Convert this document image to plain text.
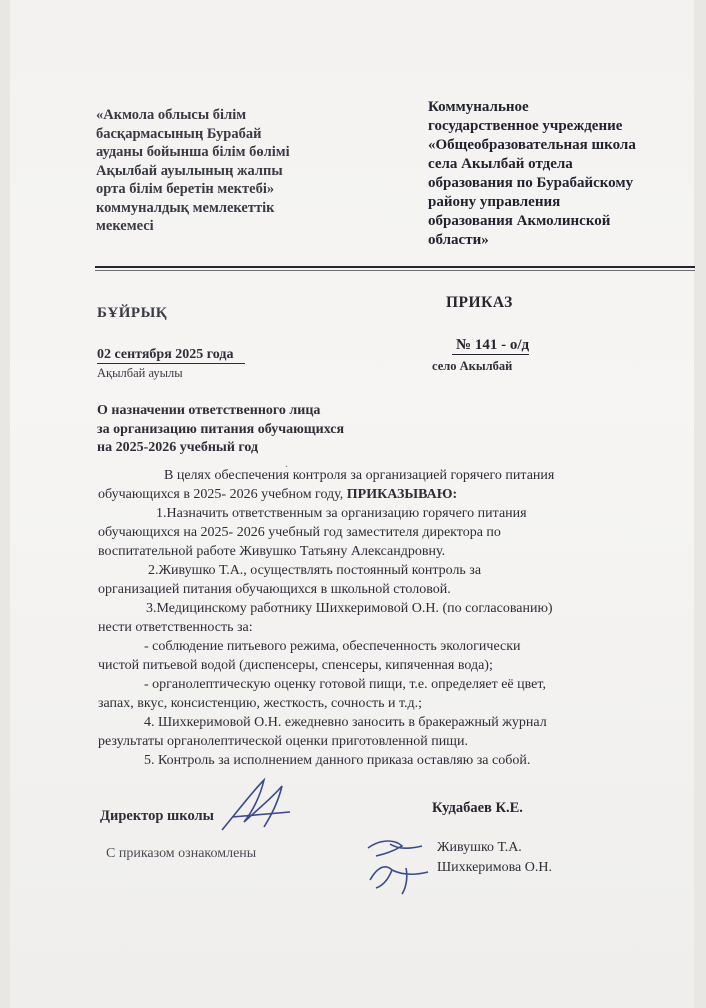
«Акмола облысы білім
басқармасының Бурабай
ауданы бойынша білім бөлімі
Ақылбай ауылының жалпы
орта білім беретін мектебі»
коммуналдық мемлекеттік
мекемесі
Коммунальное
государственное учреждение
«Общеобразовательная школа
села Акылбай отдела
образования по Бурабайскому
району управления
образования Акмолинской
области»
БҰЙРЫҚ
ПРИКАЗ
02 сентября 2025 года
Ақылбай ауылы
№ 141 - о/д
село Акылбай
О назначении ответственного лица
за организацию питания обучающихся
на 2025-2026 учебный год
.
В целях обеспечения контроля за организацией горячего питания
обучающихся в 2025- 2026 учебном году, ПРИКАЗЫВАЮ:
1.Назначить ответственным за организацию горячего питания
обучающихся на 2025- 2026 учебный год заместителя директора по
воспитательной работе Живушко Татьяну Александровну.
2.Живушко Т.А., осуществлять постоянный контроль за
организацией питания обучающихся в школьной столовой.
3.Медицинскому работнику Шихкеримовой О.Н. (по согласованию)
нести ответственность за:
- соблюдение питьевого режима, обеспеченность экологически
чистой питьевой водой (диспенсеры, спенсеры, кипяченная вода);
- органолептическую оценку готовой пищи, т.е. определяет её цвет,
запах, вкус, консистенцию, жесткость, сочность и т.д.;
4. Шихкеримовой О.Н. ежедневно заносить в бракеражный журнал
результаты органолептической оценки приготовленной пищи.
5. Контроль за исполнением данного приказа оставляю за собой.
Директор школы	Кудабаев К.Е.
С приказом ознакомлены	Живушко Т.А.
Шихкеримова О.Н.
